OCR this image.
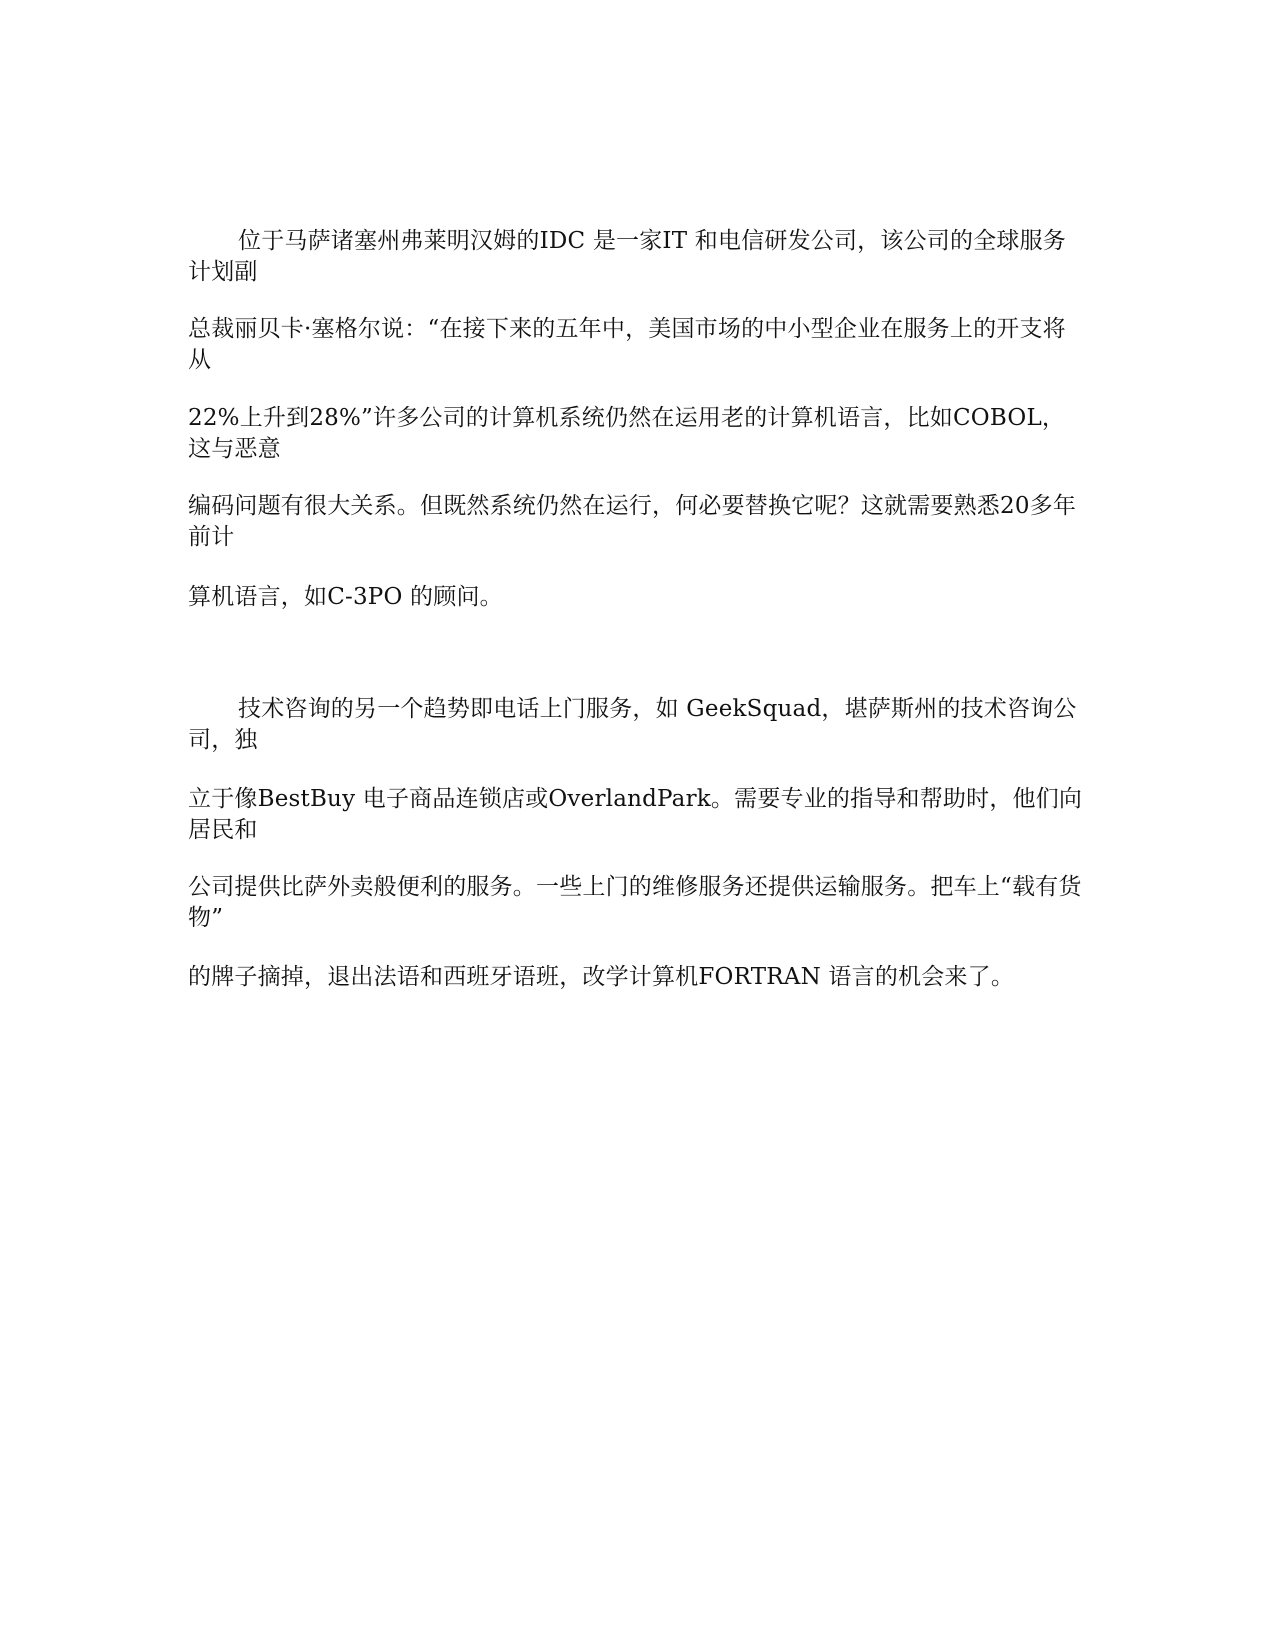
位于马萨诸塞州弗莱明汉姆的IDC 是一家IT 和电信研发公司，该公司的全球服务计划副
总裁丽贝卡·塞格尔说：“在接下来的五年中，美国市场的中小型企业在服务上的开支将从
22%上升到28%”许多公司的计算机系统仍然在运用老的计算机语言，比如COBOL，这与恶意
编码问题有很大关系。但既然系统仍然在运行，何必要替换它呢？这就需要熟悉20多年前计
算机语言，如C-3PO 的顾问。
技术咨询的另一个趋势即电话上门服务，如 GeekSquad，堪萨斯州的技术咨询公司，独
立于像BestBuy 电子商品连锁店或OverlandPark。需要专业的指导和帮助时，他们向居民和
公司提供比萨外卖般便利的服务。一些上门的维修服务还提供运输服务。把车上“载有货物”
的牌子摘掉，退出法语和西班牙语班，改学计算机FORTRAN 语言的机会来了。
